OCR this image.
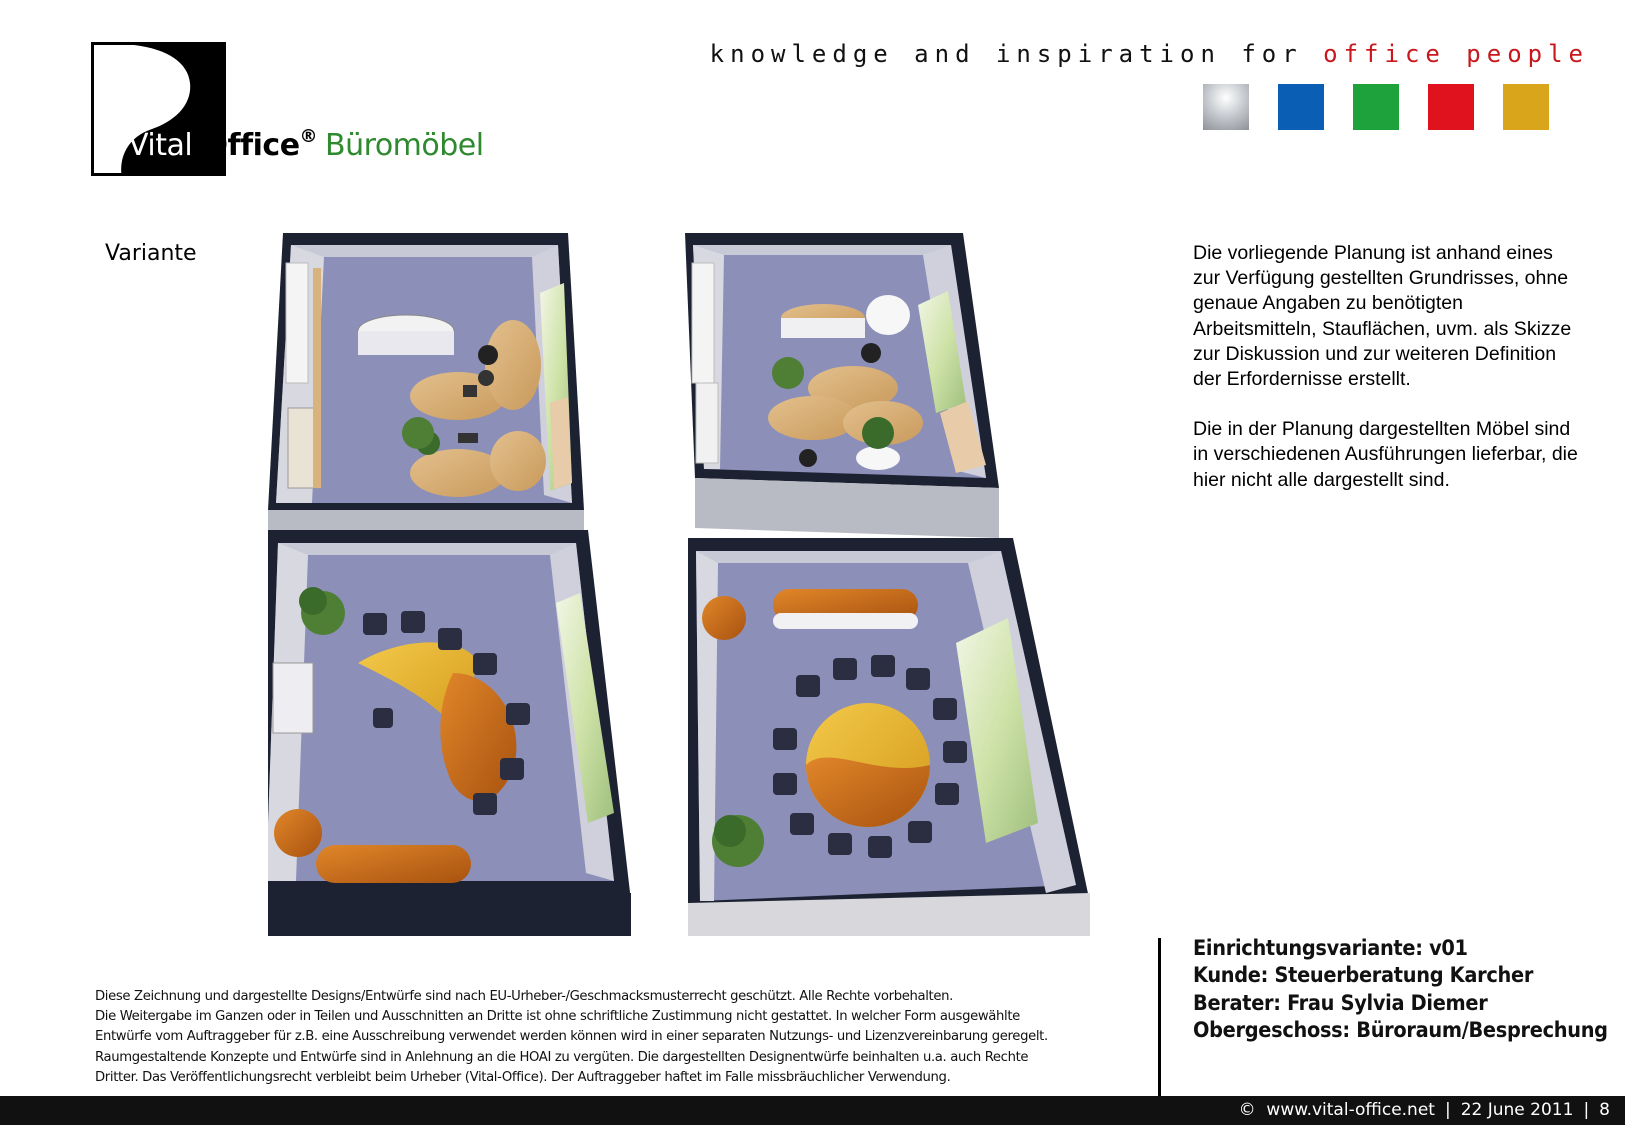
Vital-Office® Büromöbel
knowledge and inspiration for office people
Variante	Die vorliegende Planung ist anhand eines zur Verfügung gestellten Grundrisses, ohne genaue Angaben zu benötigten Arbeitsmitteln, Stauflächen, uvm. als Skizze zur Diskussion und zur weiteren Definition der Erfordernisse erstellt.

Die in der Planung dargestellten Möbel sind in verschiedenen Ausführungen lieferbar, die hier nicht alle dargestellt sind.

Einrichtungsvariante: v01
Kunde: Steuerberatung Karcher
Berater: Frau Sylvia Diemer
Obergeschoss: Büroraum/Besprechung
Diese Zeichnung und dargestellte Designs/Entwürfe sind nach EU-Urheber-/Geschmacksmusterrecht geschützt. Alle Rechte vorbehalten.
Die Weitergabe im Ganzen oder in Teilen und Ausschnitten an Dritte ist ohne schriftliche Zustimmung nicht gestattet. In welcher Form ausgewählte
Entwürfe vom Auftraggeber für z.B. eine Ausschreibung verwendet werden können wird in einer separaten Nutzungs- und Lizenzvereinbarung geregelt.
Raumgestaltende Konzepte und Entwürfe sind in Anlehnung an die HOAI zu vergüten. Die dargestellten Designentwürfe beinhalten u.a. auch Rechte
Dritter. Das Veröffentlichungsrecht verbleibt beim Urheber (Vital-Office). Der Auftraggeber haftet im Falle missbräuchlicher Verwendung.
© www.vital-office.net | 22 June 2011 | 8
